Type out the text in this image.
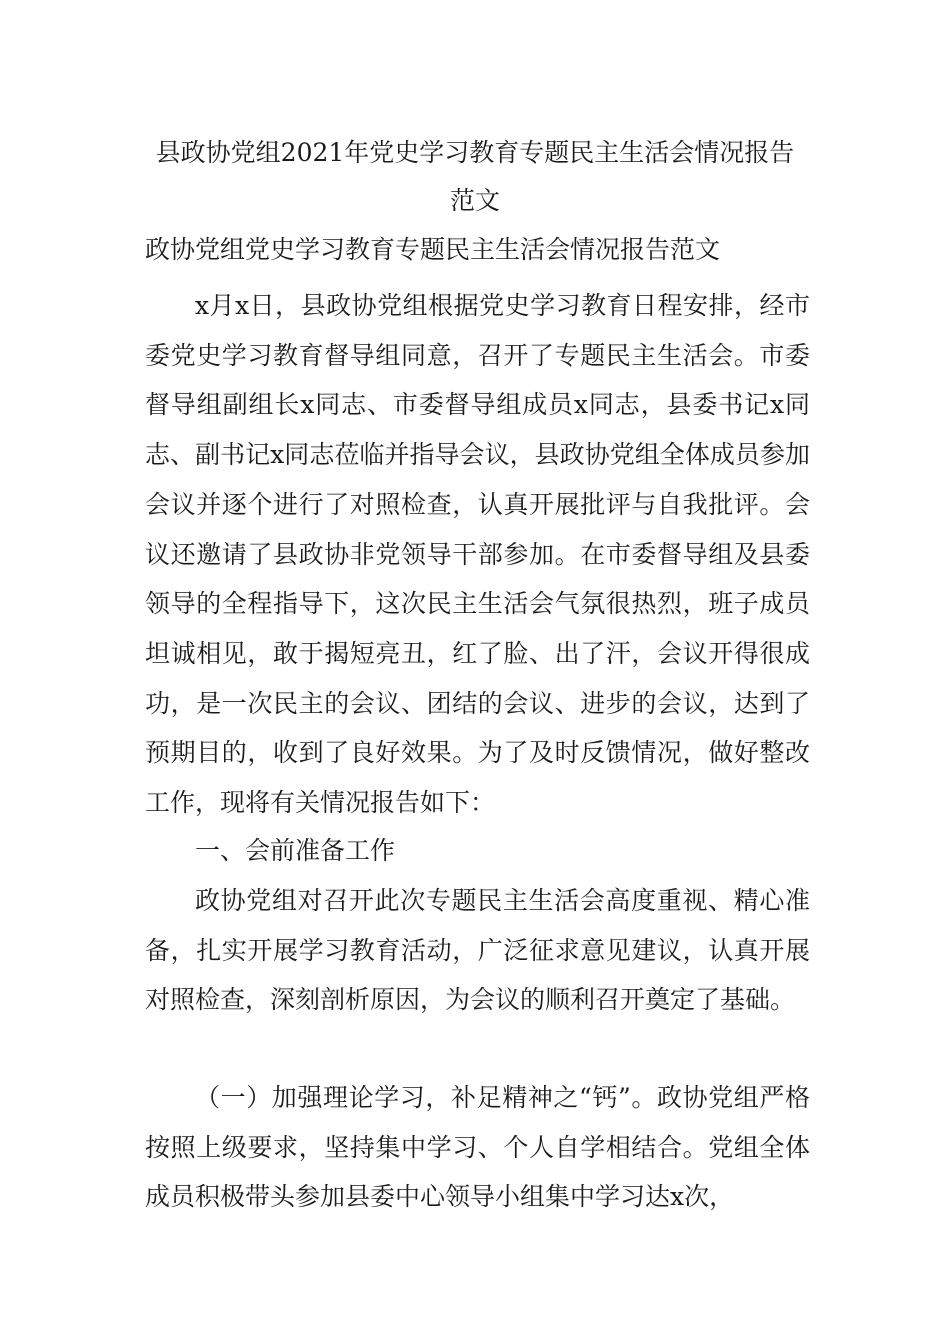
县政协党组2021年党史学习教育专题民主生活会情况报告
范文

政协党组党史学习教育专题民主生活会情况报告范文

x月x日，县政协党组根据党史学习教育日程安排，经市委党史学习教育督导组同意，召开了专题民主生活会。市委督导组副组长x同志、市委督导组成员x同志，县委书记x同志、副书记x同志莅临并指导会议，县政协党组全体成员参加会议并逐个进行了对照检查，认真开展批评与自我批评。会议还邀请了县政协非党领导干部参加。在市委督导组及县委领导的全程指导下，这次民主生活会气氛很热烈，班子成员坦诚相见，敢于揭短亮丑，红了脸、出了汗，会议开得很成功，是一次民主的会议、团结的会议、进步的会议，达到了预期目的，收到了良好效果。为了及时反馈情况，做好整改工作，现将有关情况报告如下：

一、会前准备工作

政协党组对召开此次专题民主生活会高度重视、精心准备，扎实开展学习教育活动，广泛征求意见建议，认真开展对照检查，深刻剖析原因，为会议的顺利召开奠定了基础。

（一）加强理论学习，补足精神之“钙”。政协党组严格按照上级要求，坚持集中学习、个人自学相结合。党组全体成员积极带头参加县委中心领导小组集中学习达x次，
